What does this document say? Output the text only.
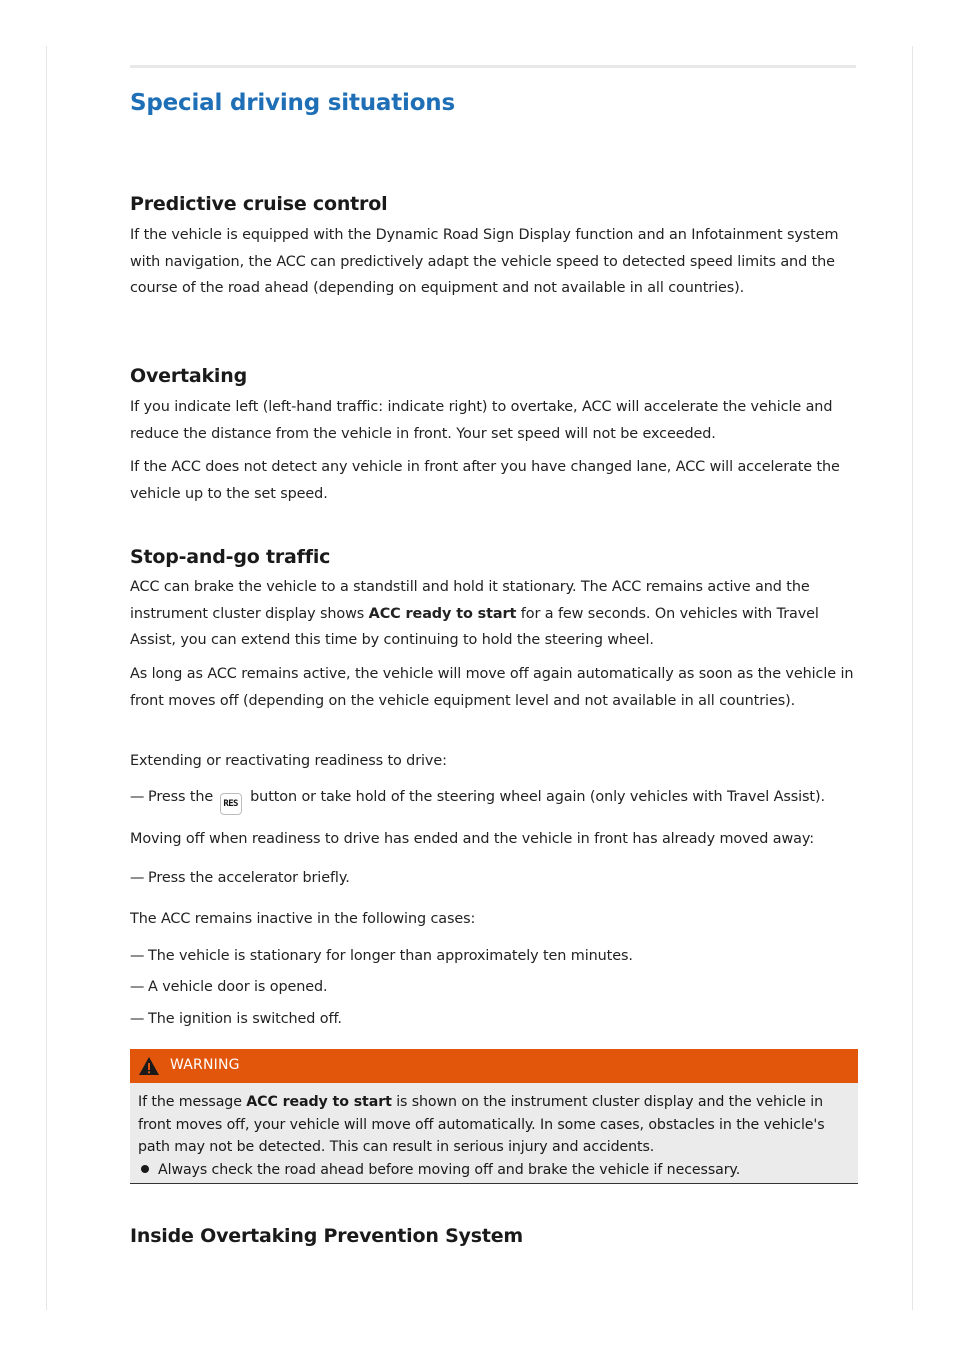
Special driving situations
Predictive cruise control

If the vehicle is equipped with the Dynamic Road Sign Display function and an Infotainment system with navigation, the ACC can predictively adapt the vehicle speed to detected speed limits and the course of the road ahead (depending on equipment and not available in all countries).

Overtaking

If you indicate left (left-hand traffic: indicate right) to overtake, ACC will accelerate the vehicle and reduce the distance from the vehicle in front. Your set speed will not be exceeded.

If the ACC does not detect any vehicle in front after you have changed lane, ACC will accelerate the vehicle up to the set speed.

Stop-and-go traffic

ACC can brake the vehicle to a standstill and hold it stationary. The ACC remains active and the instrument cluster display shows ACC ready to start for a few seconds. On vehicles with Travel Assist, you can extend this time by continuing to hold the steering wheel.

As long as ACC remains active, the vehicle will move off again automatically as soon as the vehicle in front moves off (depending on the vehicle equipment level and not available in all countries).

Extending or reactivating readiness to drive:

— Press the RES button or take hold of the steering wheel again (only vehicles with Travel Assist).

Moving off when readiness to drive has ended and the vehicle in front has already moved away:

— Press the accelerator briefly.

The ACC remains inactive in the following cases:

— The vehicle is stationary for longer than approximately ten minutes.

— A vehicle door is opened.

— The ignition is switched off.

Inside Overtaking Prevention System
WARNING

If the message ACC ready to start is shown on the instrument cluster display and the vehicle in front moves off, your vehicle will move off automatically. In some cases, obstacles in the vehicle's path may not be detected. This can result in serious injury and accidents.

Always check the road ahead before moving off and brake the vehicle if necessary.
